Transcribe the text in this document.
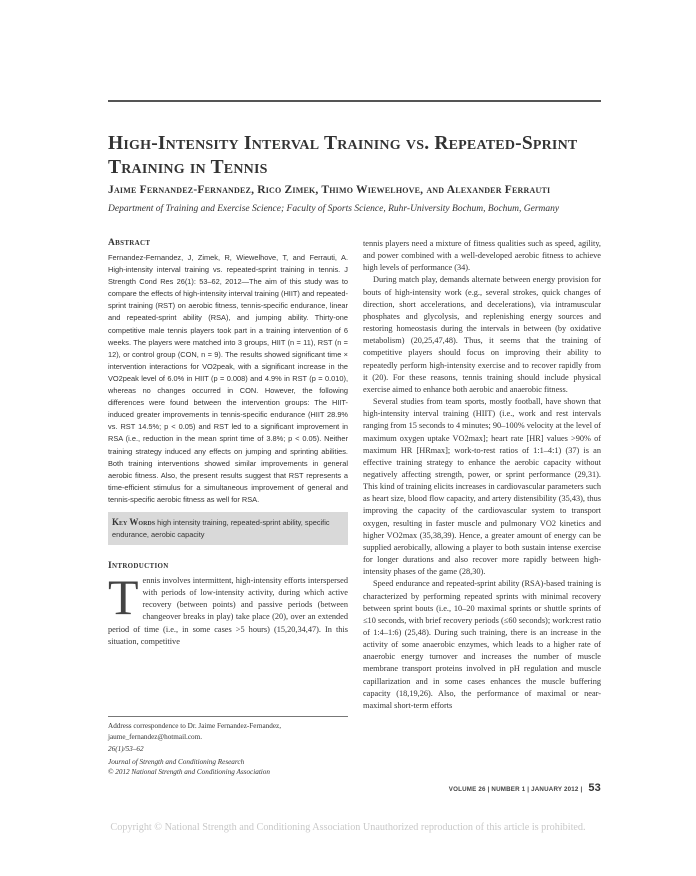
High-Intensity Interval Training vs. Repeated-Sprint Training in Tennis
Jaime Fernandez-Fernandez, Rico Zimek, Thimo Wiewelhove, and Alexander Ferrauti
Department of Training and Exercise Science; Faculty of Sports Science, Ruhr-University Bochum, Bochum, Germany
Abstract

Fernandez-Fernandez, J, Zimek, R, Wiewelhove, T, and Ferrauti, A. High-intensity interval training vs. repeated-sprint training in tennis. J Strength Cond Res 26(1): 53–62, 2012—The aim of this study was to compare the effects of high-intensity interval training (HIIT) and repeated-sprint training (RST) on aerobic fitness, tennis-specific endurance, linear and repeated-sprint ability (RSA), and jumping ability. Thirty-one competitive male tennis players took part in a training intervention of 6 weeks. The players were matched into 3 groups, HIIT (n = 11), RST (n = 12), or control group (CON, n = 9). The results showed significant time × intervention interactions for VO2peak, with a significant increase in the VO2peak level of 6.0% in HIIT (p = 0.008) and 4.9% in RST (p = 0.010), whereas no changes occurred in CON. However, the following differences were found between the intervention groups: The HIIT-induced greater improvements in tennis-specific endurance (HIIT 28.9% vs. RST 14.5%; p < 0.05) and RST led to a significant improvement in RSA (i.e., reduction in the mean sprint time of 3.8%; p < 0.05). Neither training strategy induced any effects on jumping and sprinting abilities. Both training interventions showed similar improvements in general aerobic fitness. Also, the present results suggest that RST represents a time-efficient stimulus for a simultaneous improvement of general and tennis-specific aerobic fitness as well for RSA.

Key Words high intensity training, repeated-sprint ability, specific endurance, aerobic capacity
Introduction

Tennis involves intermittent, high-intensity efforts interspersed with periods of low-intensity activity, during which active recovery (between points) and passive periods (between changeover breaks in play) take place (20), over an extended period of time (i.e., in some cases >5 hours) (15,20,34,47). In this situation, competitive

Address correspondence to Dr. Jaime Fernandez-Fernandez, jaume_fernandez@hotmail.com.
26(1)/53–62
Journal of Strength and Conditioning Research
© 2012 National Strength and Conditioning Association

tennis players need a mixture of fitness qualities such as speed, agility, and power combined with a well-developed aerobic fitness to achieve high levels of performance (34).

During match play, demands alternate between energy provision for bouts of high-intensity work (e.g., several strokes, quick changes of direction, short accelerations, and decelerations), via intramuscular phosphates and glycolysis, and replenishing energy sources and restoring homeostasis during the intervals in between (by oxidative metabolism) (20,25,47,48). Thus, it seems that the training of competitive players should focus on improving their ability to repeatedly perform high-intensity exercise and to recover rapidly from it (20). For these reasons, tennis training should include physical exercise aimed to enhance both aerobic and anaerobic fitness.

Several studies from team sports, mostly football, have shown that high-intensity interval training (HIIT) (i.e., work and rest intervals ranging from 15 seconds to 4 minutes; 90–100% velocity at the level of maximum oxygen uptake VO2max]; heart rate [HR] values >90% of maximum HR [HRmax]; work-to-rest ratios of 1:1–4:1) (37) is an effective training strategy to enhance the aerobic capacity without negatively affecting strength, power, or sprint performance (29,31). This kind of training elicits increases in cardiovascular parameters such as heart size, blood flow capacity, and artery distensibility (35,43), thus improving the capacity of the cardiovascular system to transport oxygen, resulting in faster muscle and pulmonary VO2 kinetics and higher VO2max (35,38,39). Hence, a greater amount of energy can be supplied aerobically, allowing a player to both sustain intense exercise for longer durations and also recover more rapidly between high-intensity phases of the game (28,30).

Speed endurance and repeated-sprint ability (RSA)-based training is characterized by performing repeated sprints with minimal recovery between sprint bouts (i.e., 10–20 maximal sprints or shuttle sprints of ≤10 seconds, with brief recovery periods (≤60 seconds); work:rest ratio of 1:4–1:6) (25,48). During such training, there is an increase in the activity of some anaerobic enzymes, which leads to a higher rate of anaerobic energy turnover and increases the number of muscle membrane transport proteins involved in pH regulation and muscle capillarization and in some cases enhances the muscle buffering capacity (18,19,26). Also, the performance of maximal or near-maximal short-term efforts

VOLUME 26 | NUMBER 1 | JANUARY 2012 | 53
Copyright © National Strength and Conditioning Association Unauthorized reproduction of this article is prohibited.
